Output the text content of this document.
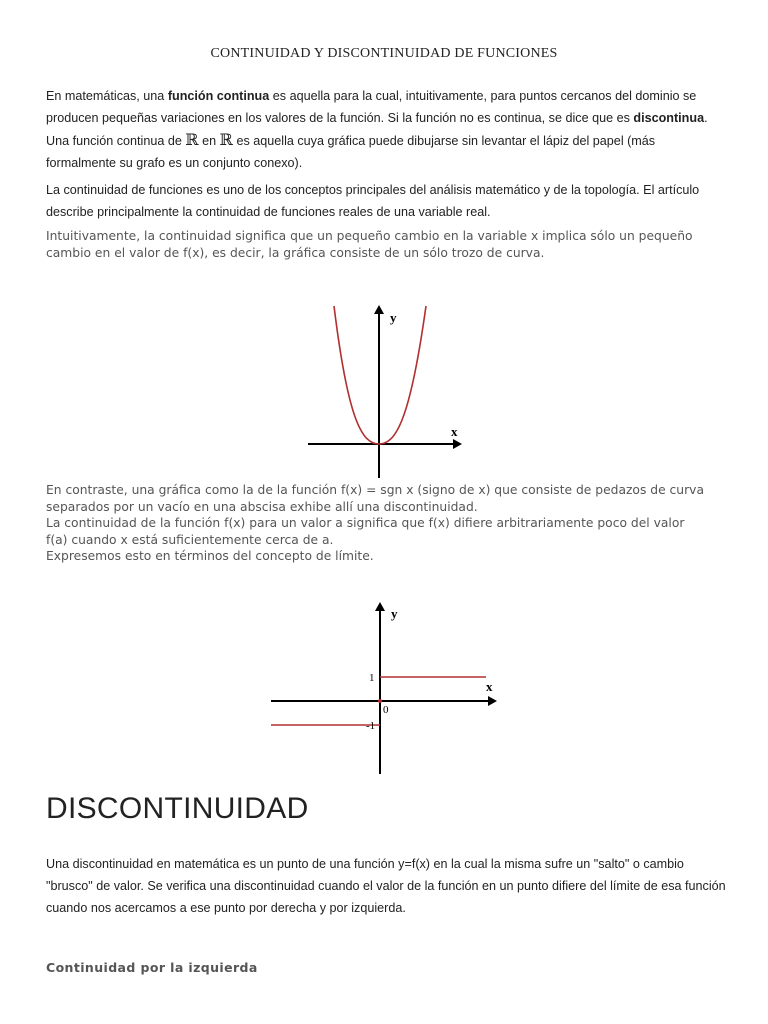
CONTINUIDAD Y DISCONTINUIDAD DE FUNCIONES
En matemáticas, una función continua es aquella para la cual, intuitivamente, para puntos cercanos del dominio se producen pequeñas variaciones en los valores de la función. Si la función no es continua, se dice que es discontinua. Una función continua de ℝ en ℝ es aquella cuya gráfica puede dibujarse sin levantar el lápiz del papel (más formalmente su grafo es un conjunto conexo).
La continuidad de funciones es uno de los conceptos principales del análisis matemático y de la topología. El artículo describe principalmente la continuidad de funciones reales de una variable real.
Intuitivamente, la continuidad significa que un pequeño cambio en la variable x implica sólo un pequeño
cambio en el valor de f(x), es decir, la gráfica consiste de un sólo trozo de curva.
y
x
En contraste, una gráfica como la de la función f(x) = sgn x (signo de x) que consiste de pedazos de curva
separados por un vacío en una abscisa exhibe allí una discontinuidad.
La continuidad de la función f(x) para un valor a significa que f(x) difiere arbitrariamente poco del valor
f(a) cuando x está suficientemente cerca de a.
Expresemos esto en términos del concepto de límite.
y
x
1
-1
0
DISCONTINUIDAD
Una discontinuidad en matemática es un punto de una función y=f(x) en la cual la misma sufre un "salto" o cambio "brusco" de valor. Se verifica una discontinuidad cuando el valor de la función en un punto difiere del límite de esa función cuando nos acercamos a ese punto por derecha y por izquierda.
Continuidad por la izquierda
